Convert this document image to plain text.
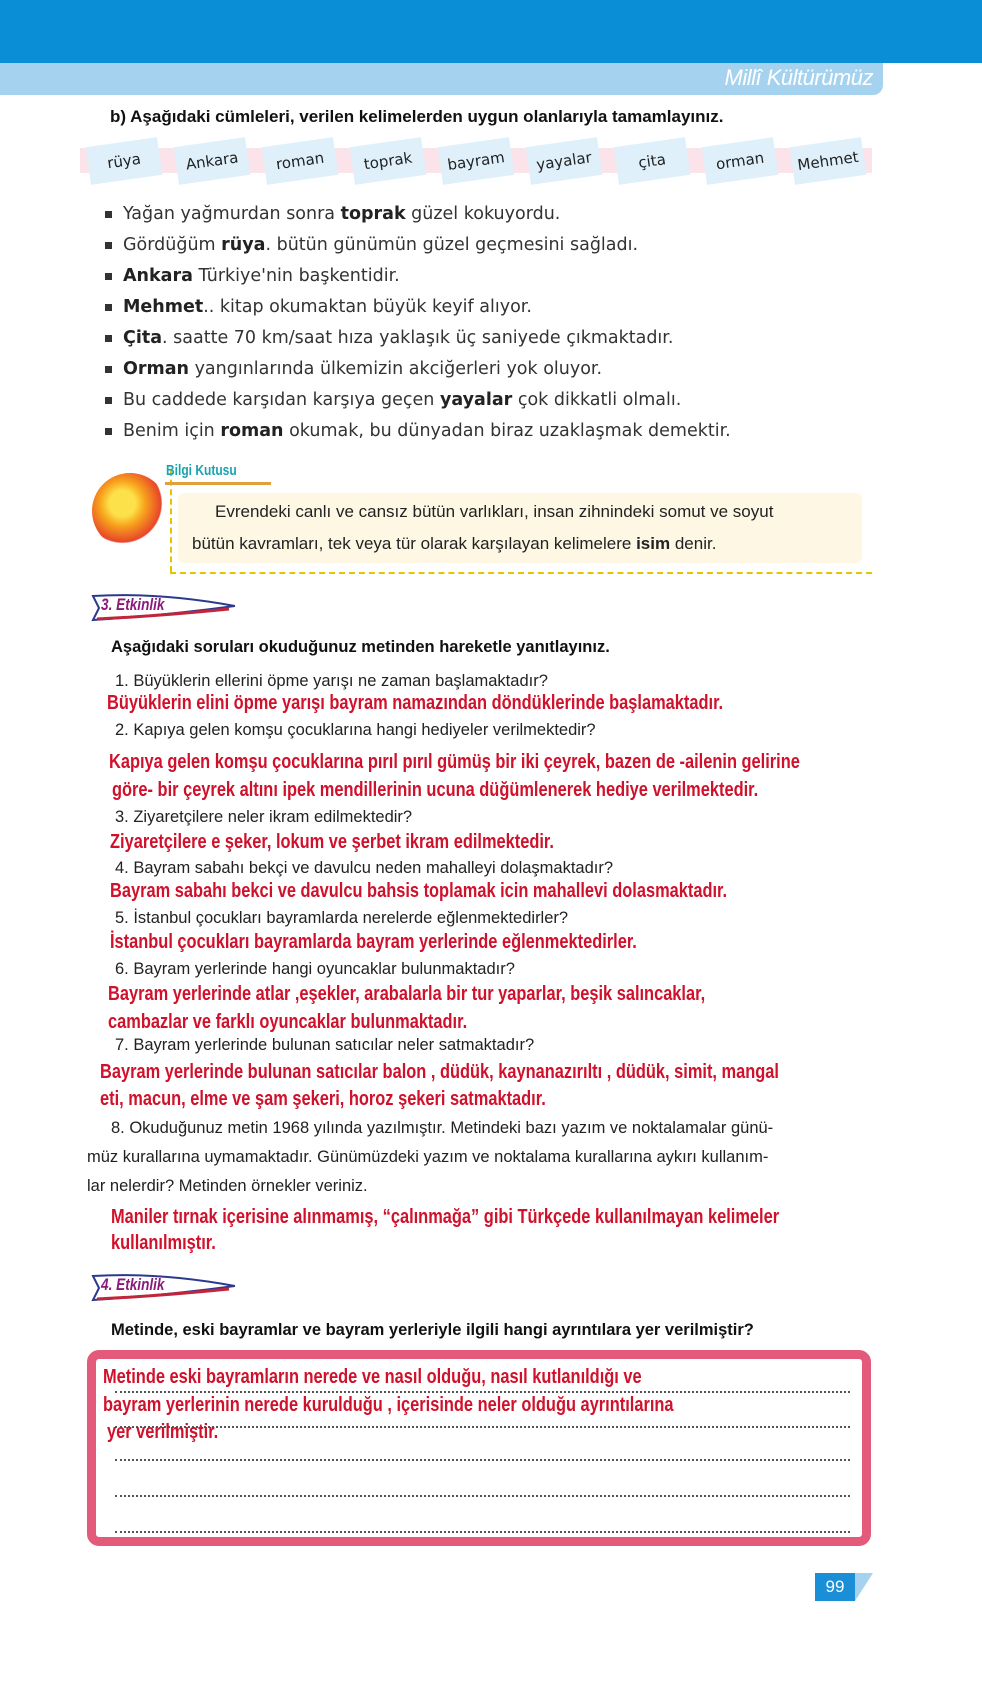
Millî Kültürümüz
b) Aşağıdaki cümleleri, verilen kelimelerden uygun olanlarıyla tamamlayınız.
rüya	Ankara	roman	toprak	bayram	yayalar	çita	orman	Mehmet
Yağan yağmurdan sonra toprak güzel kokuyordu.
Gördüğüm rüya. bütün günümün güzel geçmesini sağladı.
Ankara Türkiye'nin başkentidir.
Mehmet.. kitap okumaktan büyük keyif alıyor.
Çita. saatte 70 km/saat hıza yaklaşık üç saniyede çıkmaktadır.
Orman yangınlarında ülkemizin akciğerleri yok oluyor.
Bu caddede karşıdan karşıya geçen yayalar çok dikkatli olmalı.
Benim için roman okumak, bu dünyadan biraz uzaklaşmak demektir.
Bilgi Kutusu
Evrendeki canlı ve cansız bütün varlıkları, insan zihnindeki somut ve soyut
bütün kavramları, tek veya tür olarak karşılayan kelimelere isim denir.
3. Etkinlik
Aşağıdaki soruları okuduğunuz metinden hareketle yanıtlayınız.
1. Büyüklerin ellerini öpme yarışı ne zaman başlamaktadır?
Büyüklerin elini öpme yarışı bayram namazından döndüklerinde başlamaktadır.
2. Kapıya gelen komşu çocuklarına hangi hediyeler verilmektedir?
Kapıya gelen komşu çocuklarına pırıl pırıl gümüş bir iki çeyrek, bazen de -ailenin gelirine
göre- bir çeyrek altını ipek mendillerinin ucuna düğümlenerek hediye verilmektedir.
3. Ziyaretçilere neler ikram edilmektedir?
Ziyaretçilere e şeker, lokum ve şerbet ikram edilmektedir.
4. Bayram sabahı bekçi ve davulcu neden mahalleyi dolaşmaktadır?
Bayram sabahı bekci ve davulcu bahsis toplamak icin mahallevi dolasmaktadır.
5. İstanbul çocukları bayramlarda nerelerde eğlenmektedirler?
İstanbul çocukları bayramlarda bayram yerlerinde eğlenmektedirler.
6. Bayram yerlerinde hangi oyuncaklar bulunmaktadır?
Bayram yerlerinde atlar ,eşekler, arabalarla bir tur yaparlar, beşik salıncaklar,
cambazlar ve farklı oyuncaklar bulunmaktadır.
7. Bayram yerlerinde bulunan satıcılar neler satmaktadır?
Bayram yerlerinde bulunan satıcılar balon , düdük, kaynanazırıltı , düdük, simit, mangal
eti, macun, elme ve şam şekeri, horoz şekeri satmaktadır.
8. Okuduğunuz metin 1968 yılında yazılmıştır. Metindeki bazı yazım ve noktalamalar günü-
müz kurallarına uymamaktadır. Günümüzdeki yazım ve noktalama kurallarına aykırı kullanım-
lar nelerdir? Metinden örnekler veriniz.
Maniler tırnak içerisine alınmamış, “çalınmağa” gibi Türkçede kullanılmayan kelimeler
kullanılmıştır.
4. Etkinlik
Metinde, eski bayramlar ve bayram yerleriyle ilgili hangi ayrıntılara yer verilmiştir?
Metinde eski bayramların nerede ve nasıl olduğu, nasıl kutlanıldığı ve
bayram yerlerinin nerede kurulduğu , içerisinde neler olduğu ayrıntılarına
yer verilmiştir.
99
